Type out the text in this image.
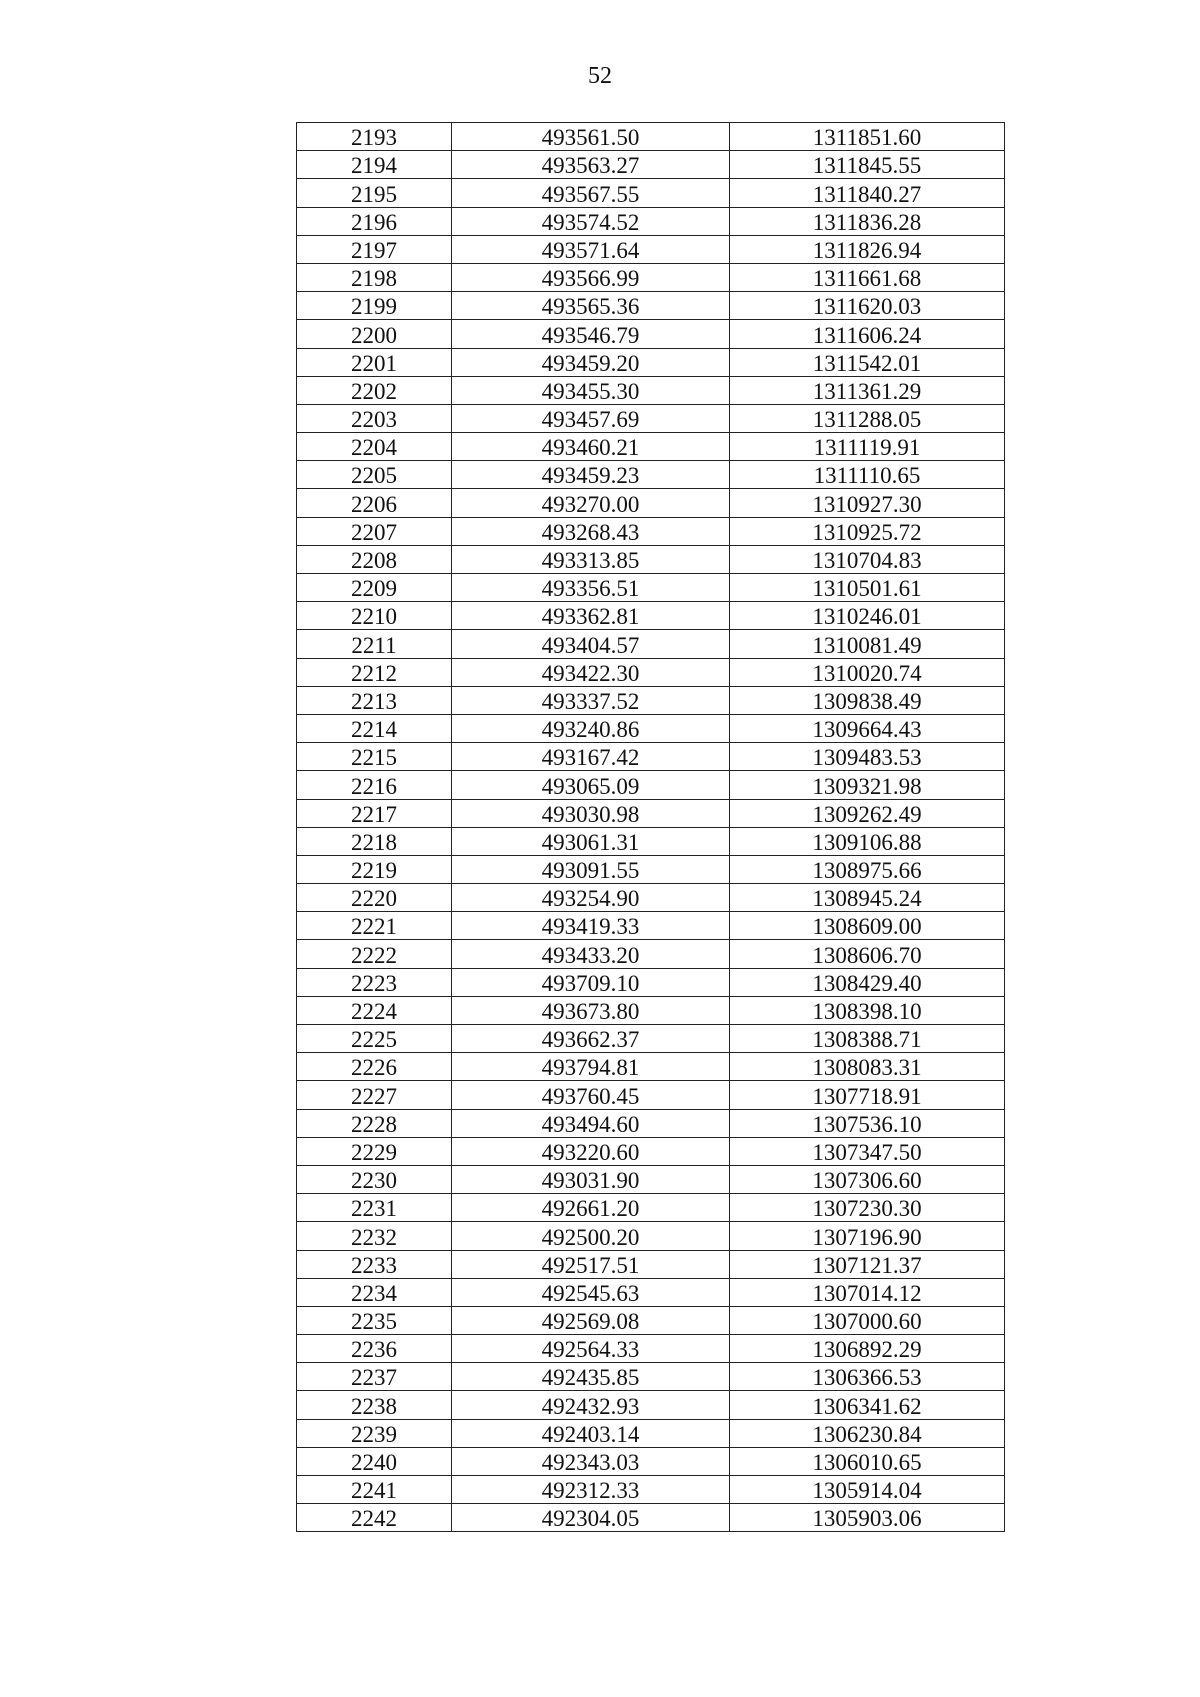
52
2193	493561.50	1311851.60
2194	493563.27	1311845.55
2195	493567.55	1311840.27
2196	493574.52	1311836.28
2197	493571.64	1311826.94
2198	493566.99	1311661.68
2199	493565.36	1311620.03
2200	493546.79	1311606.24
2201	493459.20	1311542.01
2202	493455.30	1311361.29
2203	493457.69	1311288.05
2204	493460.21	1311119.91
2205	493459.23	1311110.65
2206	493270.00	1310927.30
2207	493268.43	1310925.72
2208	493313.85	1310704.83
2209	493356.51	1310501.61
2210	493362.81	1310246.01
2211	493404.57	1310081.49
2212	493422.30	1310020.74
2213	493337.52	1309838.49
2214	493240.86	1309664.43
2215	493167.42	1309483.53
2216	493065.09	1309321.98
2217	493030.98	1309262.49
2218	493061.31	1309106.88
2219	493091.55	1308975.66
2220	493254.90	1308945.24
2221	493419.33	1308609.00
2222	493433.20	1308606.70
2223	493709.10	1308429.40
2224	493673.80	1308398.10
2225	493662.37	1308388.71
2226	493794.81	1308083.31
2227	493760.45	1307718.91
2228	493494.60	1307536.10
2229	493220.60	1307347.50
2230	493031.90	1307306.60
2231	492661.20	1307230.30
2232	492500.20	1307196.90
2233	492517.51	1307121.37
2234	492545.63	1307014.12
2235	492569.08	1307000.60
2236	492564.33	1306892.29
2237	492435.85	1306366.53
2238	492432.93	1306341.62
2239	492403.14	1306230.84
2240	492343.03	1306010.65
2241	492312.33	1305914.04
2242	492304.05	1305903.06
